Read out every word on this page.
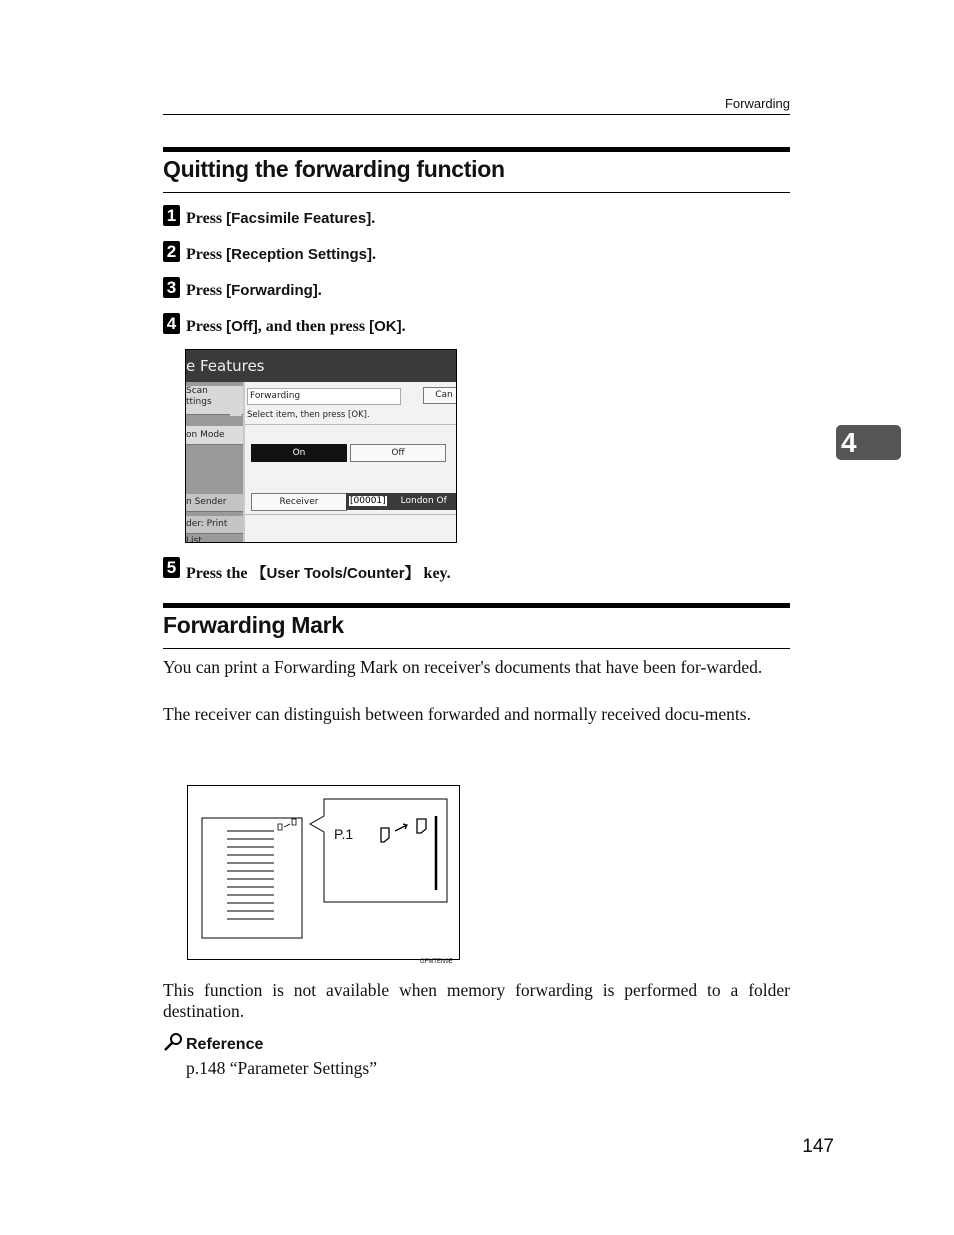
Forwarding
4
Quitting the forwarding function
1 Press [Facsimile Features].
2 Press [Reception Settings].
3 Press [Forwarding].
4 Press [Off], and then press [OK].
e Features
Scan
ttings
on Mode
n Sender
der: Print List
Forwarding	Can
Select item, then press [OK].
On	Off
Receiver	[00001] London Of
5 Press the 【User Tools/Counter】 key.
Forwarding Mark
You can print a Forwarding Mark on receiver's documents that have been for-warded.
The receiver can distinguish between forwarded and normally received docu-ments.
P.1
GFMTEN9E
This function is not available when memory forwarding is performed to a folder destination.
Reference
p.148 “Parameter Settings”
147
